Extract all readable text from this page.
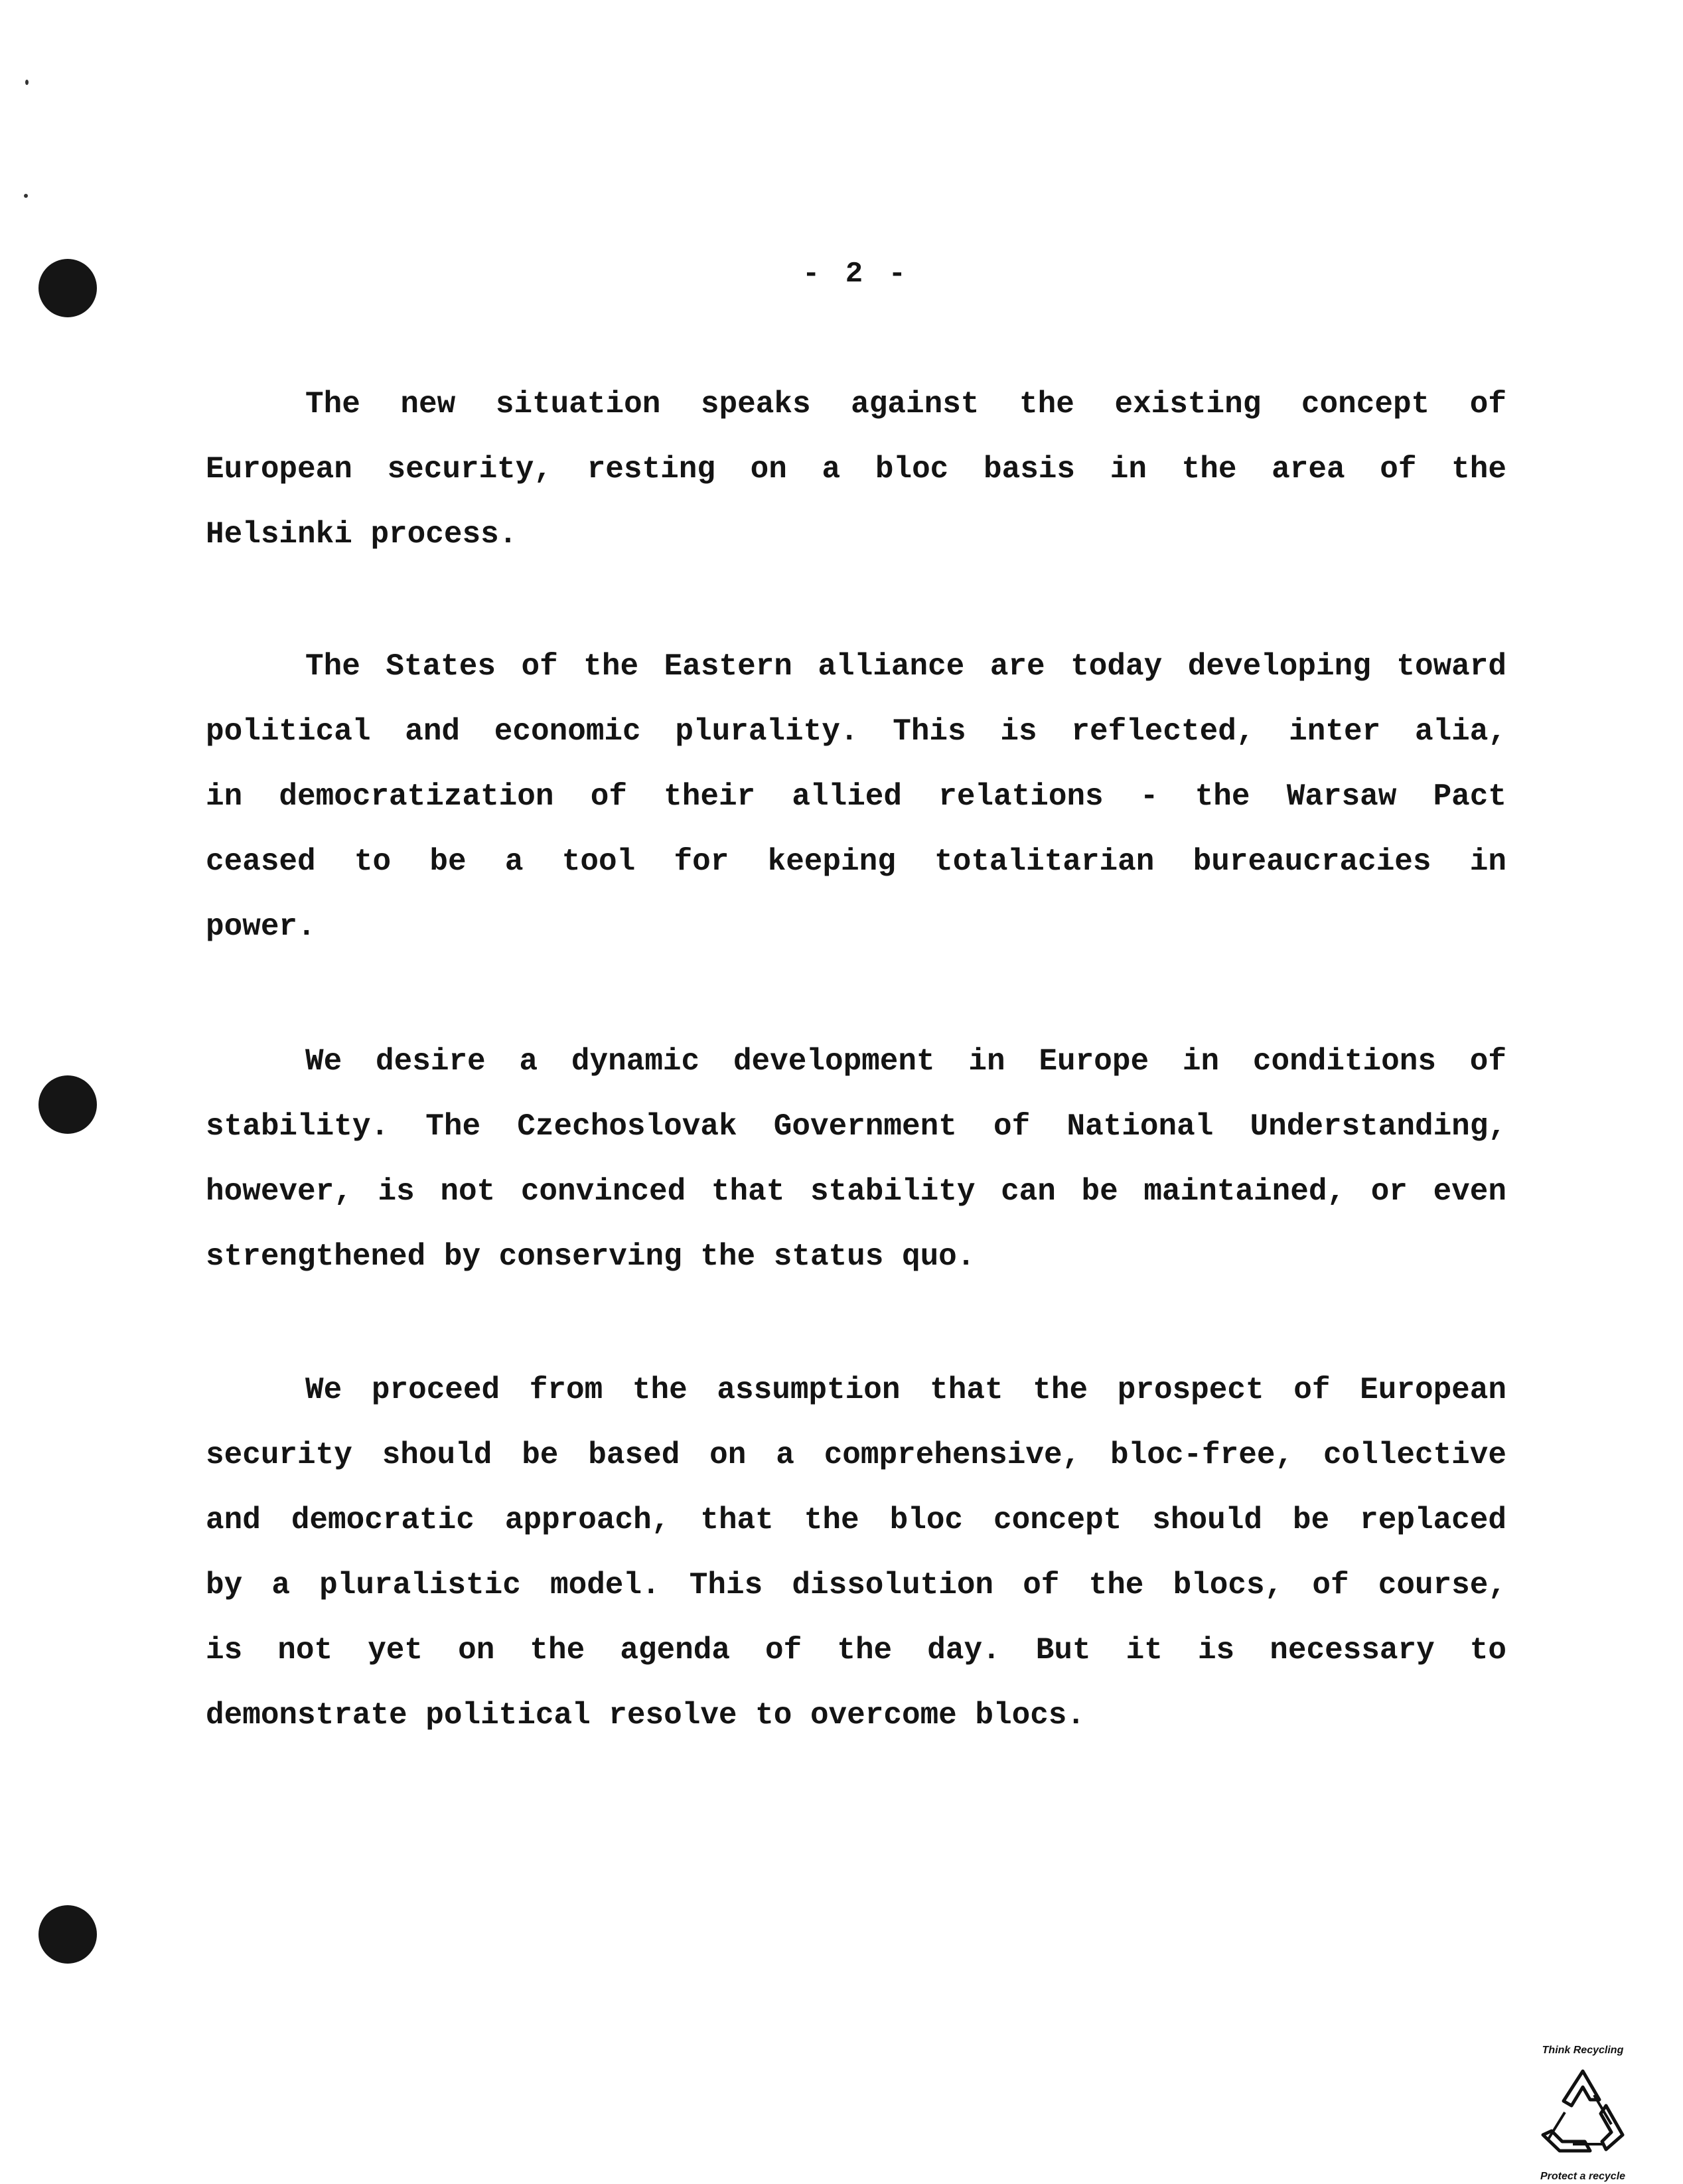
- 2 -
The new situation speaks against the existing concept of
European security, resting on a bloc basis in the area of the
Helsinki process.
The States of the Eastern alliance are today developing toward
political and economic plurality. This is reflected, inter alia,
in democratization of their allied relations - the Warsaw Pact
ceased to be a tool for keeping totalitarian bureaucracies in
power.
We desire a dynamic development in Europe in conditions of
stability. The Czechoslovak Government of National Understanding,
however, is not convinced that stability can be maintained, or even
strengthened by conserving the status quo.
We proceed from the assumption that the prospect of European
security should be based on a comprehensive, bloc-free, collective
and democratic approach, that the bloc concept should be replaced
by a pluralistic model. This dissolution of the blocs, of course,
is not yet on the agenda of the day. But it is necessary to
demonstrate political resolve to overcome blocs.
Think Recycling
Protect a recycle
